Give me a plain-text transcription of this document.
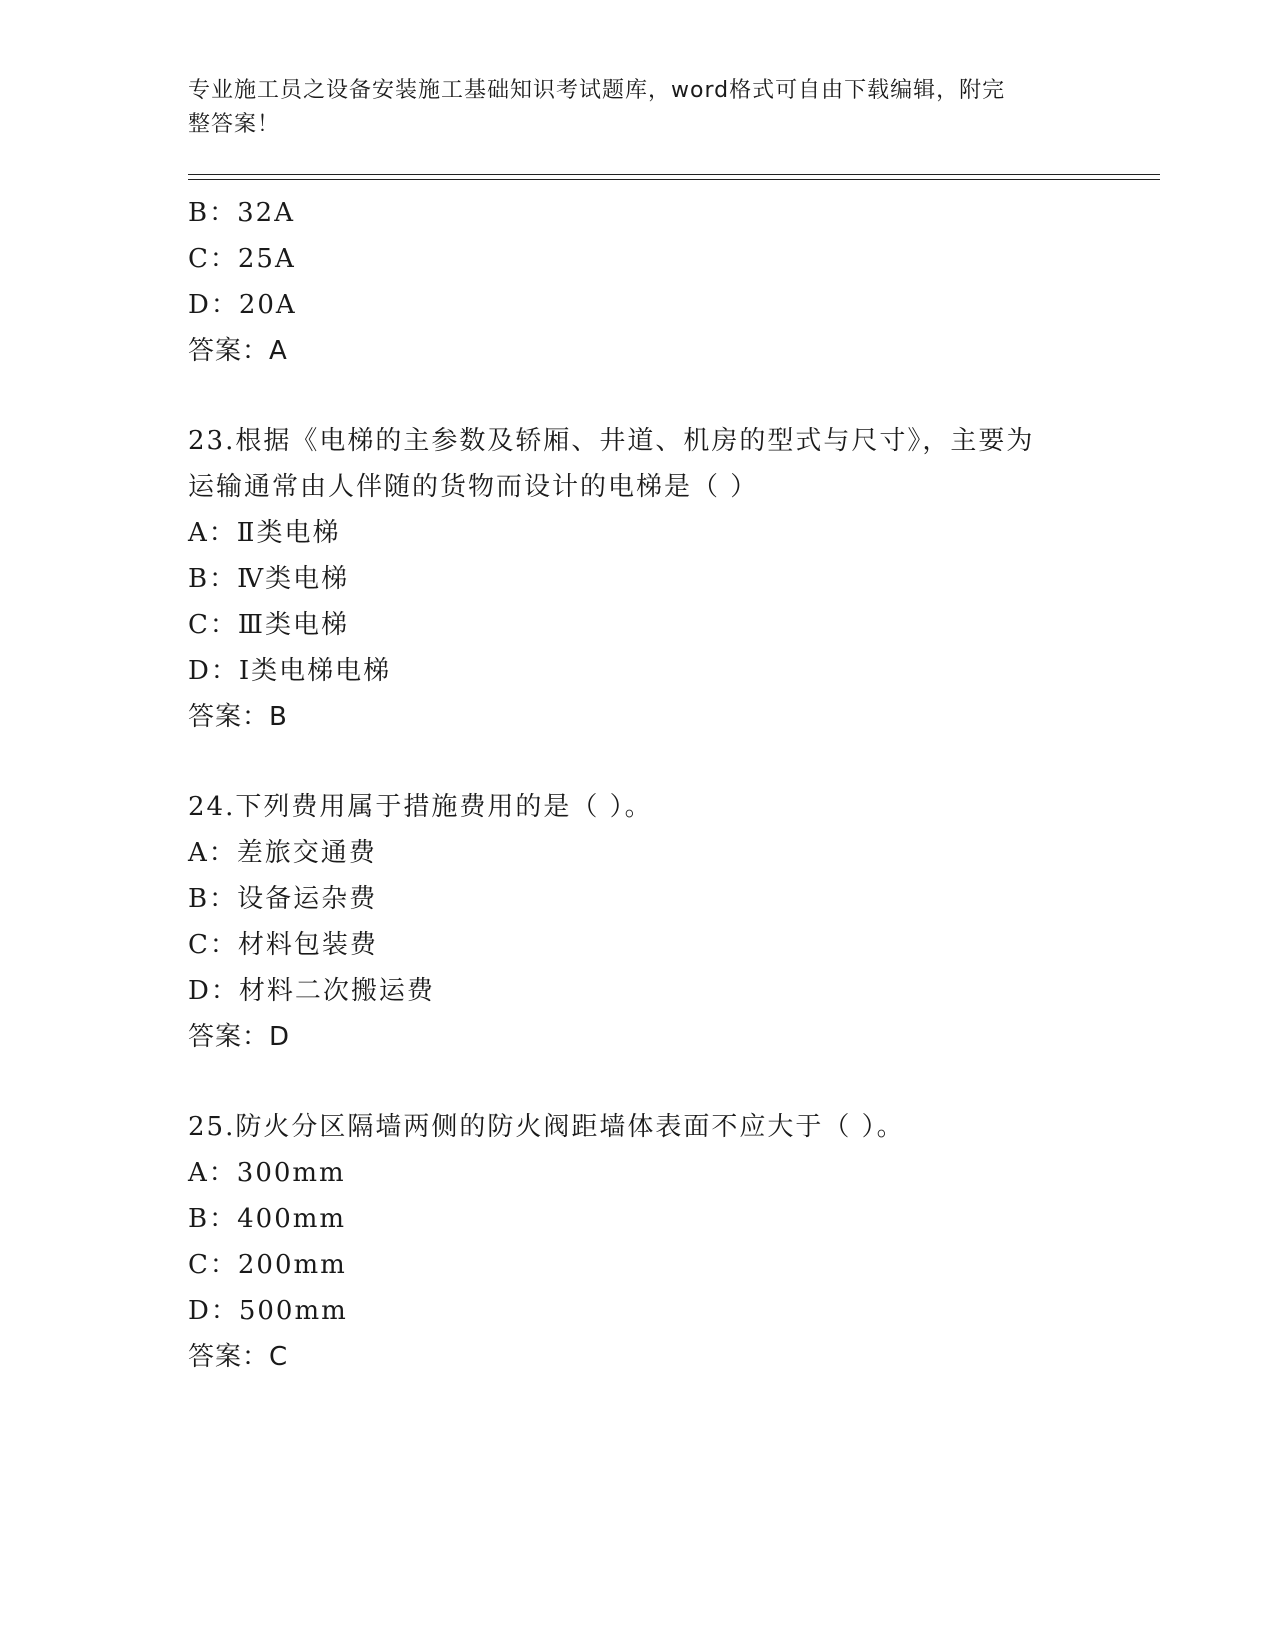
专业施工员之设备安装施工基础知识考试题库，word格式可自由下载编辑，附完
整答案！
B：32A
C：25A
D：20A
答案：A
23.根据《电梯的主参数及轿厢、井道、机房的型式与尺寸》，主要为
运输通常由人伴随的货物而设计的电梯是（ ）
A：Ⅱ类电梯
B：Ⅳ类电梯
C：Ⅲ类电梯
D：Ⅰ类电梯电梯
答案：B
24.下列费用属于措施费用的是（ ）。
A：差旅交通费
B：设备运杂费
C：材料包装费
D：材料二次搬运费
答案：D
25.防火分区隔墙两侧的防火阀距墙体表面不应大于（ ）。
A：300mm
B：400mm
C：200mm
D：500mm
答案：C
